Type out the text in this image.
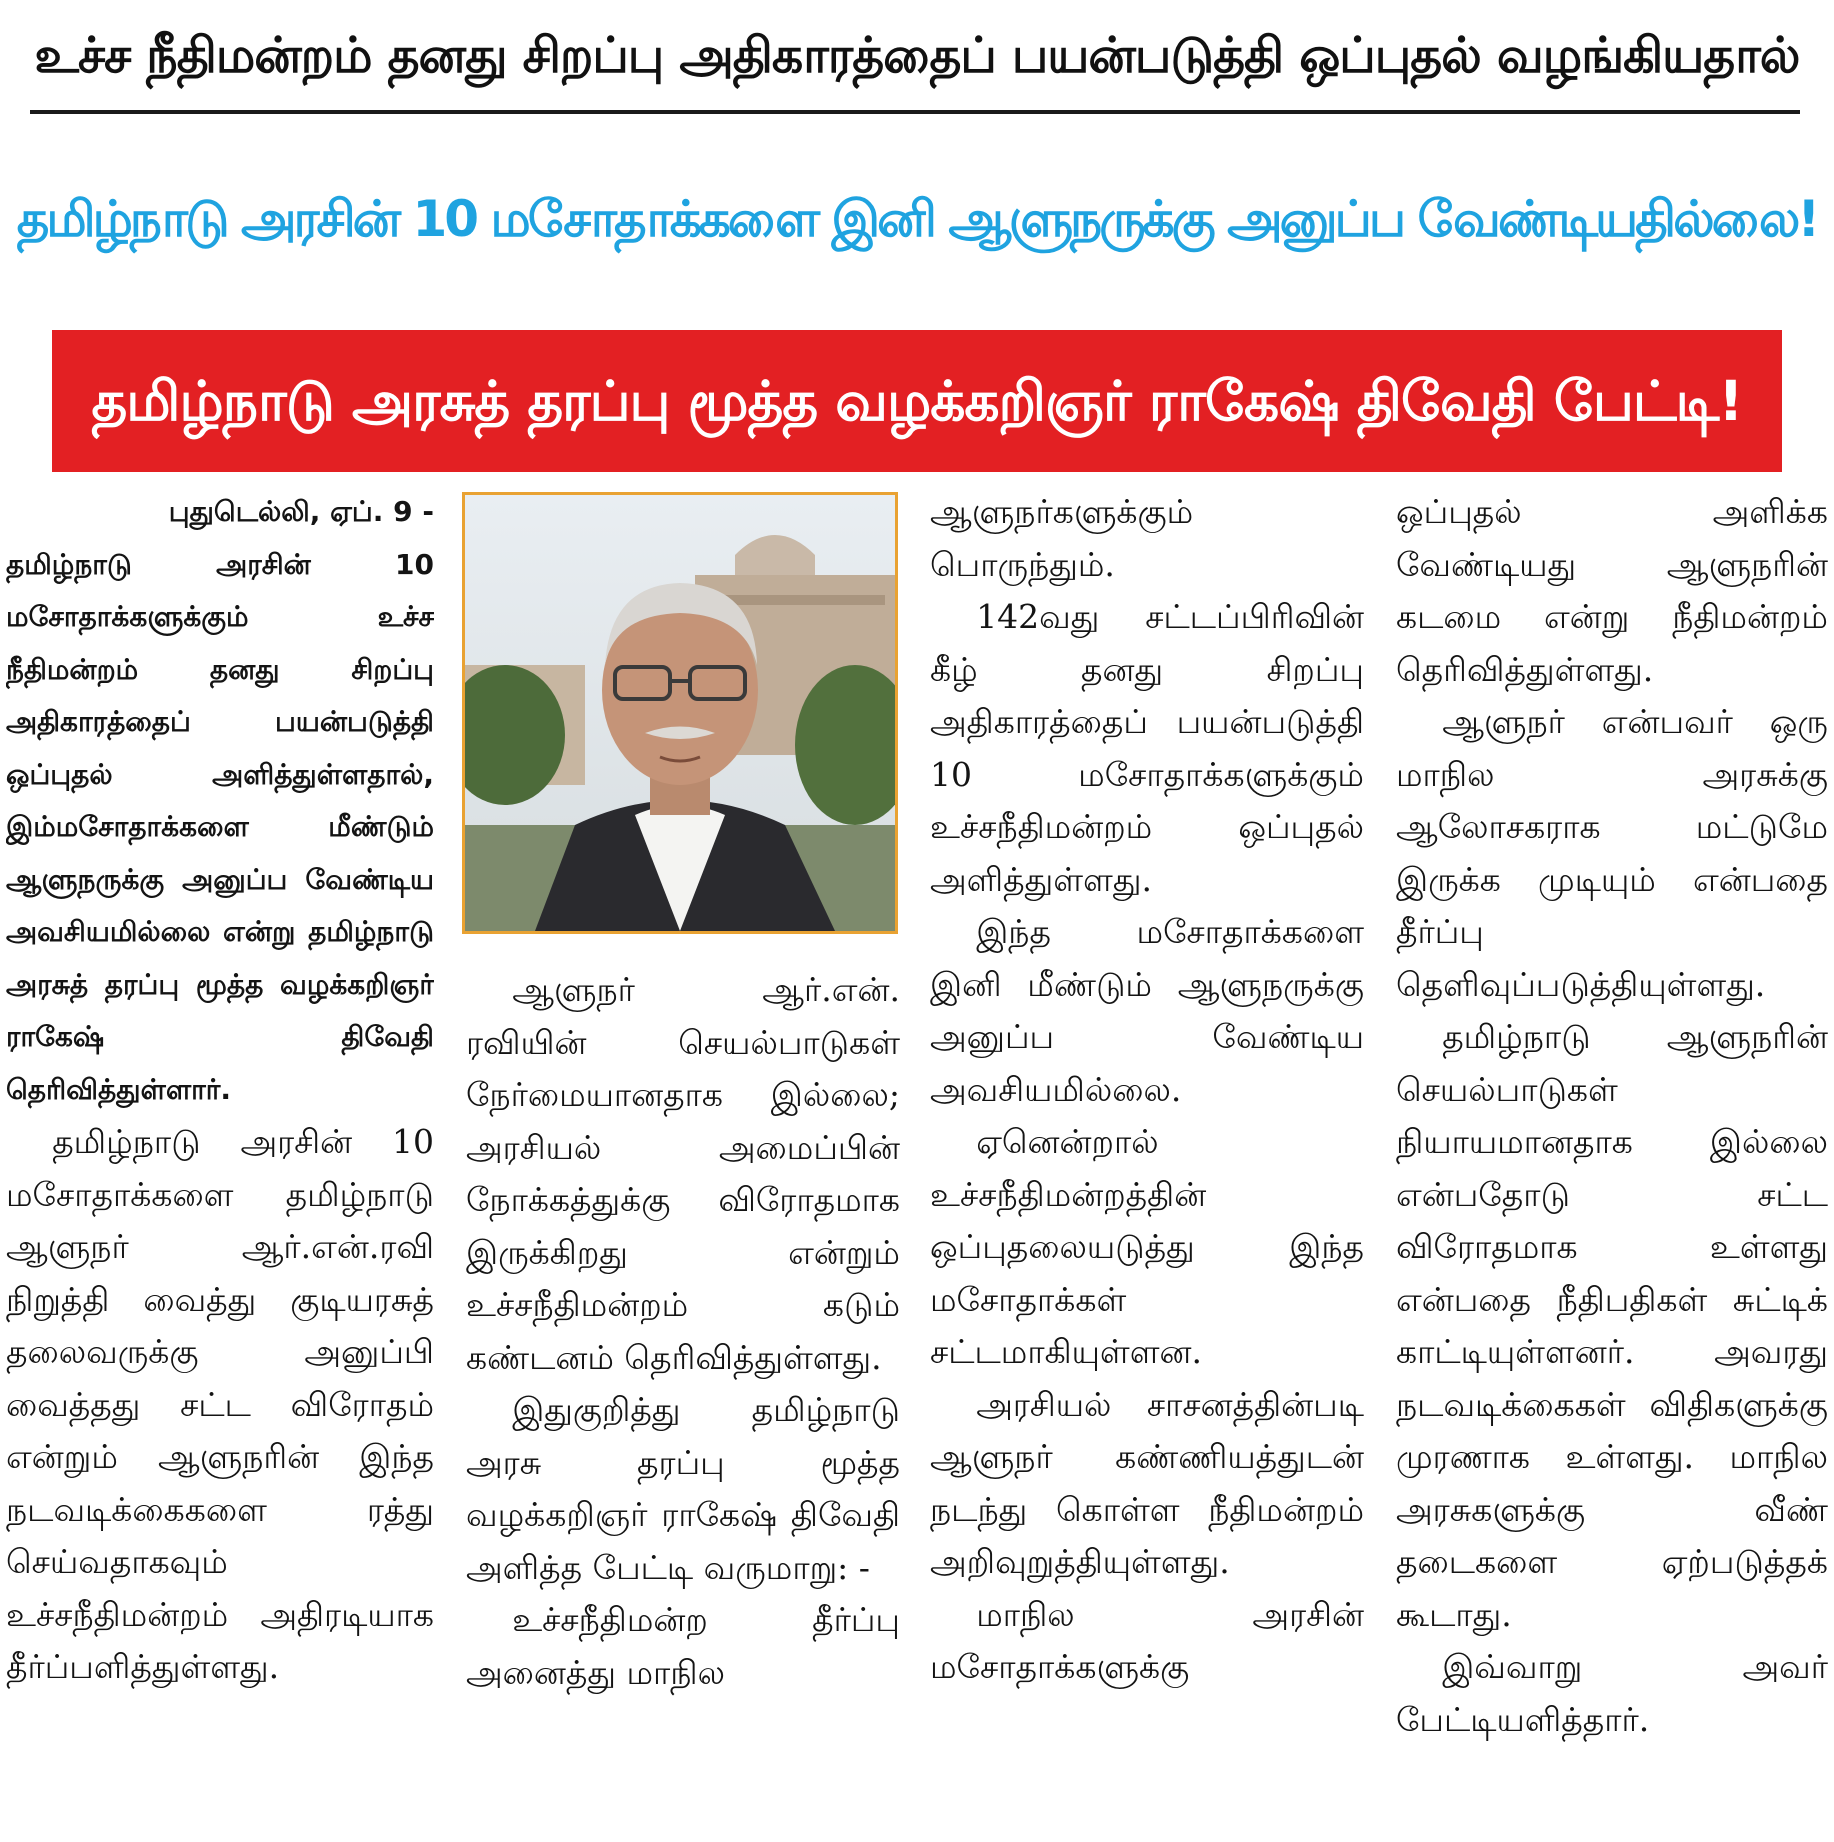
உச்ச நீதிமன்றம் தனது சிறப்பு அதிகாரத்தைப் பயன்படுத்தி ஒப்புதல் வழங்கியதால்
தமிழ்நாடு அரசின் 10 மசோதாக்களை இனி ஆளுநருக்கு அனுப்ப வேண்டியதில்லை!
தமிழ்நாடு அரசுத் தரப்பு மூத்த வழக்கறிஞர் ராகேஷ் திவேதி பேட்டி!
புதுடெல்லி, ஏப். 9 -
தமிழ்நாடு அரசின் 10 மசோதாக்களுக்கும் உச்ச நீதிமன்றம் தனது சிறப்பு அதிகாரத்தைப் பயன்படுத்தி ஒப்புதல் அளித்துள்ளதால், இம்மசோதாக்களை மீண்டும் ஆளுநருக்கு அனுப்ப வேண்டிய அவசியமில்லை என்று தமிழ்நாடு அரசுத் தரப்பு மூத்த வழக்கறிஞர் ராகேஷ் திவேதி தெரிவித்துள்ளார்.

தமிழ்நாடு அரசின் 10 மசோதாக்களை தமிழ்நாடு ஆளுநர் ஆர்.என்.ரவி நிறுத்தி வைத்து குடியரசுத் தலைவருக்கு அனுப்பி வைத்தது சட்ட விரோதம் என்றும் ஆளுநரின் இந்த நடவடிக்கைகளை ரத்து செய்வதாகவும் உச்சநீதிமன்றம் அதிரடியாக தீர்ப்பளித்துள்ளது.

ஆளுநர் ஆர்.என். ரவியின் செயல்பாடுகள் நேர்மையானதாக இல்லை; அரசியல் அமைப்பின் நோக்கத்துக்கு விரோதமாக இருக்கிறது என்றும் உச்சநீதிமன்றம் கடும் கண்டனம் தெரிவித்துள்ளது.

இதுகுறித்து தமிழ்நாடு அரசு தரப்பு மூத்த வழக்கறிஞர் ராகேஷ் திவேதி அளித்த பேட்டி வருமாறு: -

உச்சநீதிமன்ற தீர்ப்பு அனைத்து மாநில

ஆளுநர்களுக்கும் பொருந்தும்.

142வது சட்டப்பிரிவின் கீழ் தனது சிறப்பு அதிகாரத்தைப் பயன்படுத்தி 10 மசோதாக்களுக்கும் உச்சநீதிமன்றம் ஒப்புதல் அளித்துள்ளது.

இந்த மசோதாக்களை இனி மீண்டும் ஆளுநருக்கு அனுப்ப வேண்டிய அவசியமில்லை.

ஏனென்றால் உச்சநீதிமன்றத்தின் ஒப்புதலையடுத்து இந்த மசோதாக்கள் சட்டமாகியுள்ளன.

அரசியல் சாசனத்தின்படி ஆளுநர் கண்ணியத்துடன் நடந்து கொள்ள நீதிமன்றம் அறிவுறுத்தியுள்ளது.

மாநில அரசின் மசோதாக்களுக்கு

ஒப்புதல் அளிக்க வேண்டியது ஆளுநரின் கடமை என்று நீதிமன்றம் தெரிவித்துள்ளது.

ஆளுநர் என்பவர் ஒரு மாநில அரசுக்கு ஆலோசகராக மட்டுமே இருக்க முடியும் என்பதை தீர்ப்பு தெளிவுப்படுத்தியுள்ளது.

தமிழ்நாடு ஆளுநரின் செயல்பாடுகள் நியாயமானதாக இல்லை என்பதோடு சட்ட விரோதமாக உள்ளது என்பதை நீதிபதிகள் சுட்டிக் காட்டியுள்ளனர். அவரது நடவடிக்கைகள் விதிகளுக்கு முரணாக உள்ளது. மாநில அரசுகளுக்கு வீண் தடைகளை ஏற்படுத்தக் கூடாது.

இவ்வாறு அவர் பேட்டியளித்தார்.
